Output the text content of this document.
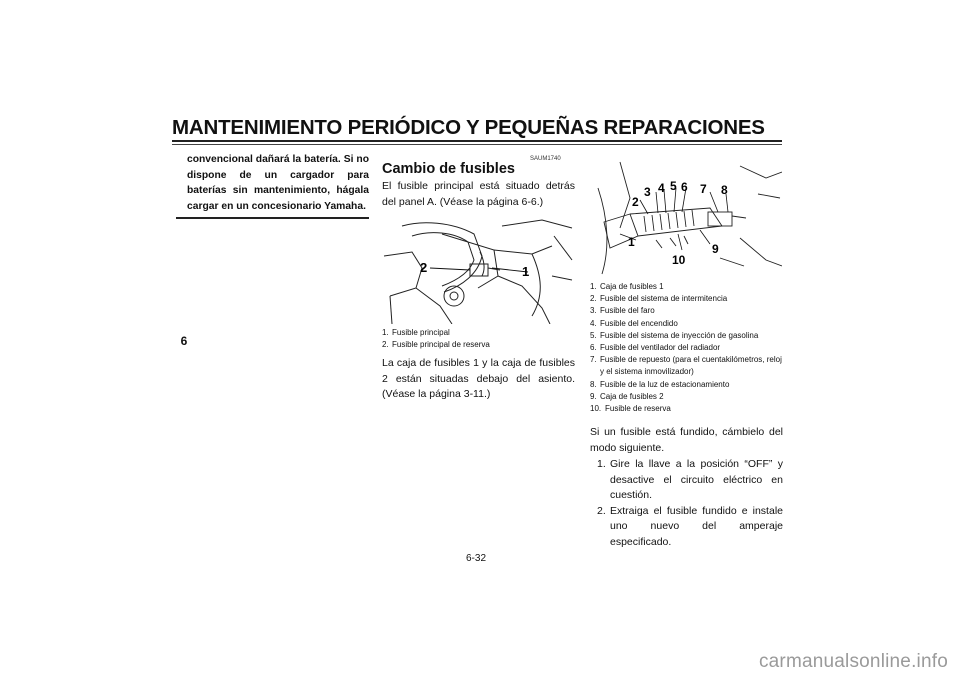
MANTENIMIENTO PERIÓDICO Y PEQUEÑAS REPARACIONES
6
convencional dañará la batería. Si no dispone de un cargador para baterías sin mantenimiento, hágala cargar en un concesionario Yamaha.
SAUM1740
Cambio de fusibles
El fusible principal está situado detrás del panel A. (Véase la página 6-6.)
2	1
1. Fusible principal
2. Fusible principal de reserva
La caja de fusibles 1 y la caja de fusibles 2 están situadas debajo del asiento. (Véase la página 3-11.)
3 4 5 6 7 8
2
1	9
10
1. Caja de fusibles 1
2. Fusible del sistema de intermitencia
3. Fusible del faro
4. Fusible del encendido
5. Fusible del sistema de inyección de gasolina
6. Fusible del ventilador del radiador
7. Fusible de repuesto (para el cuentakilómetros, reloj y el sistema inmovilizador)
8. Fusible de la luz de estacionamiento
9. Caja de fusibles 2
10. Fusible de reserva
Si un fusible está fundido, cámbielo del modo siguiente.
1. Gire la llave a la posición “OFF” y desactive el circuito eléctrico en cuestión.
2. Extraiga el fusible fundido e instale uno nuevo del amperaje especificado.
6-32
carmanualsonline.info
